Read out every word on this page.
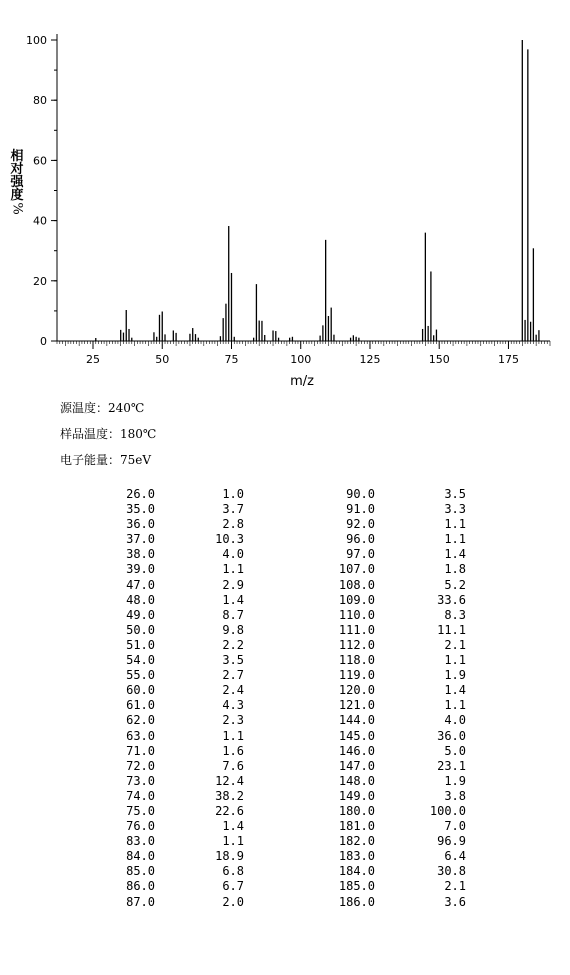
0
20
40
60
80
100
25	50	75	100	125	150	175
m/z
相
对
强
度
%
源温度：240℃
样品温度：180℃
电子能量：75eV
26.0	1.0	90.0	3.5
35.0	3.7	91.0	3.3
36.0	2.8	92.0	1.1
37.0	10.3	96.0	1.1
38.0	4.0	97.0	1.4
39.0	1.1	107.0	1.8
47.0	2.9	108.0	5.2
48.0	1.4	109.0	33.6
49.0	8.7	110.0	8.3
50.0	9.8	111.0	11.1
51.0	2.2	112.0	2.1
54.0	3.5	118.0	1.1
55.0	2.7	119.0	1.9
60.0	2.4	120.0	1.4
61.0	4.3	121.0	1.1
62.0	2.3	144.0	4.0
63.0	1.1	145.0	36.0
71.0	1.6	146.0	5.0
72.0	7.6	147.0	23.1
73.0	12.4	148.0	1.9
74.0	38.2	149.0	3.8
75.0	22.6	180.0	100.0
76.0	1.4	181.0	7.0
83.0	1.1	182.0	96.9
84.0	18.9	183.0	6.4
85.0	6.8	184.0	30.8
86.0	6.7	185.0	2.1
87.0	2.0	186.0	3.6
